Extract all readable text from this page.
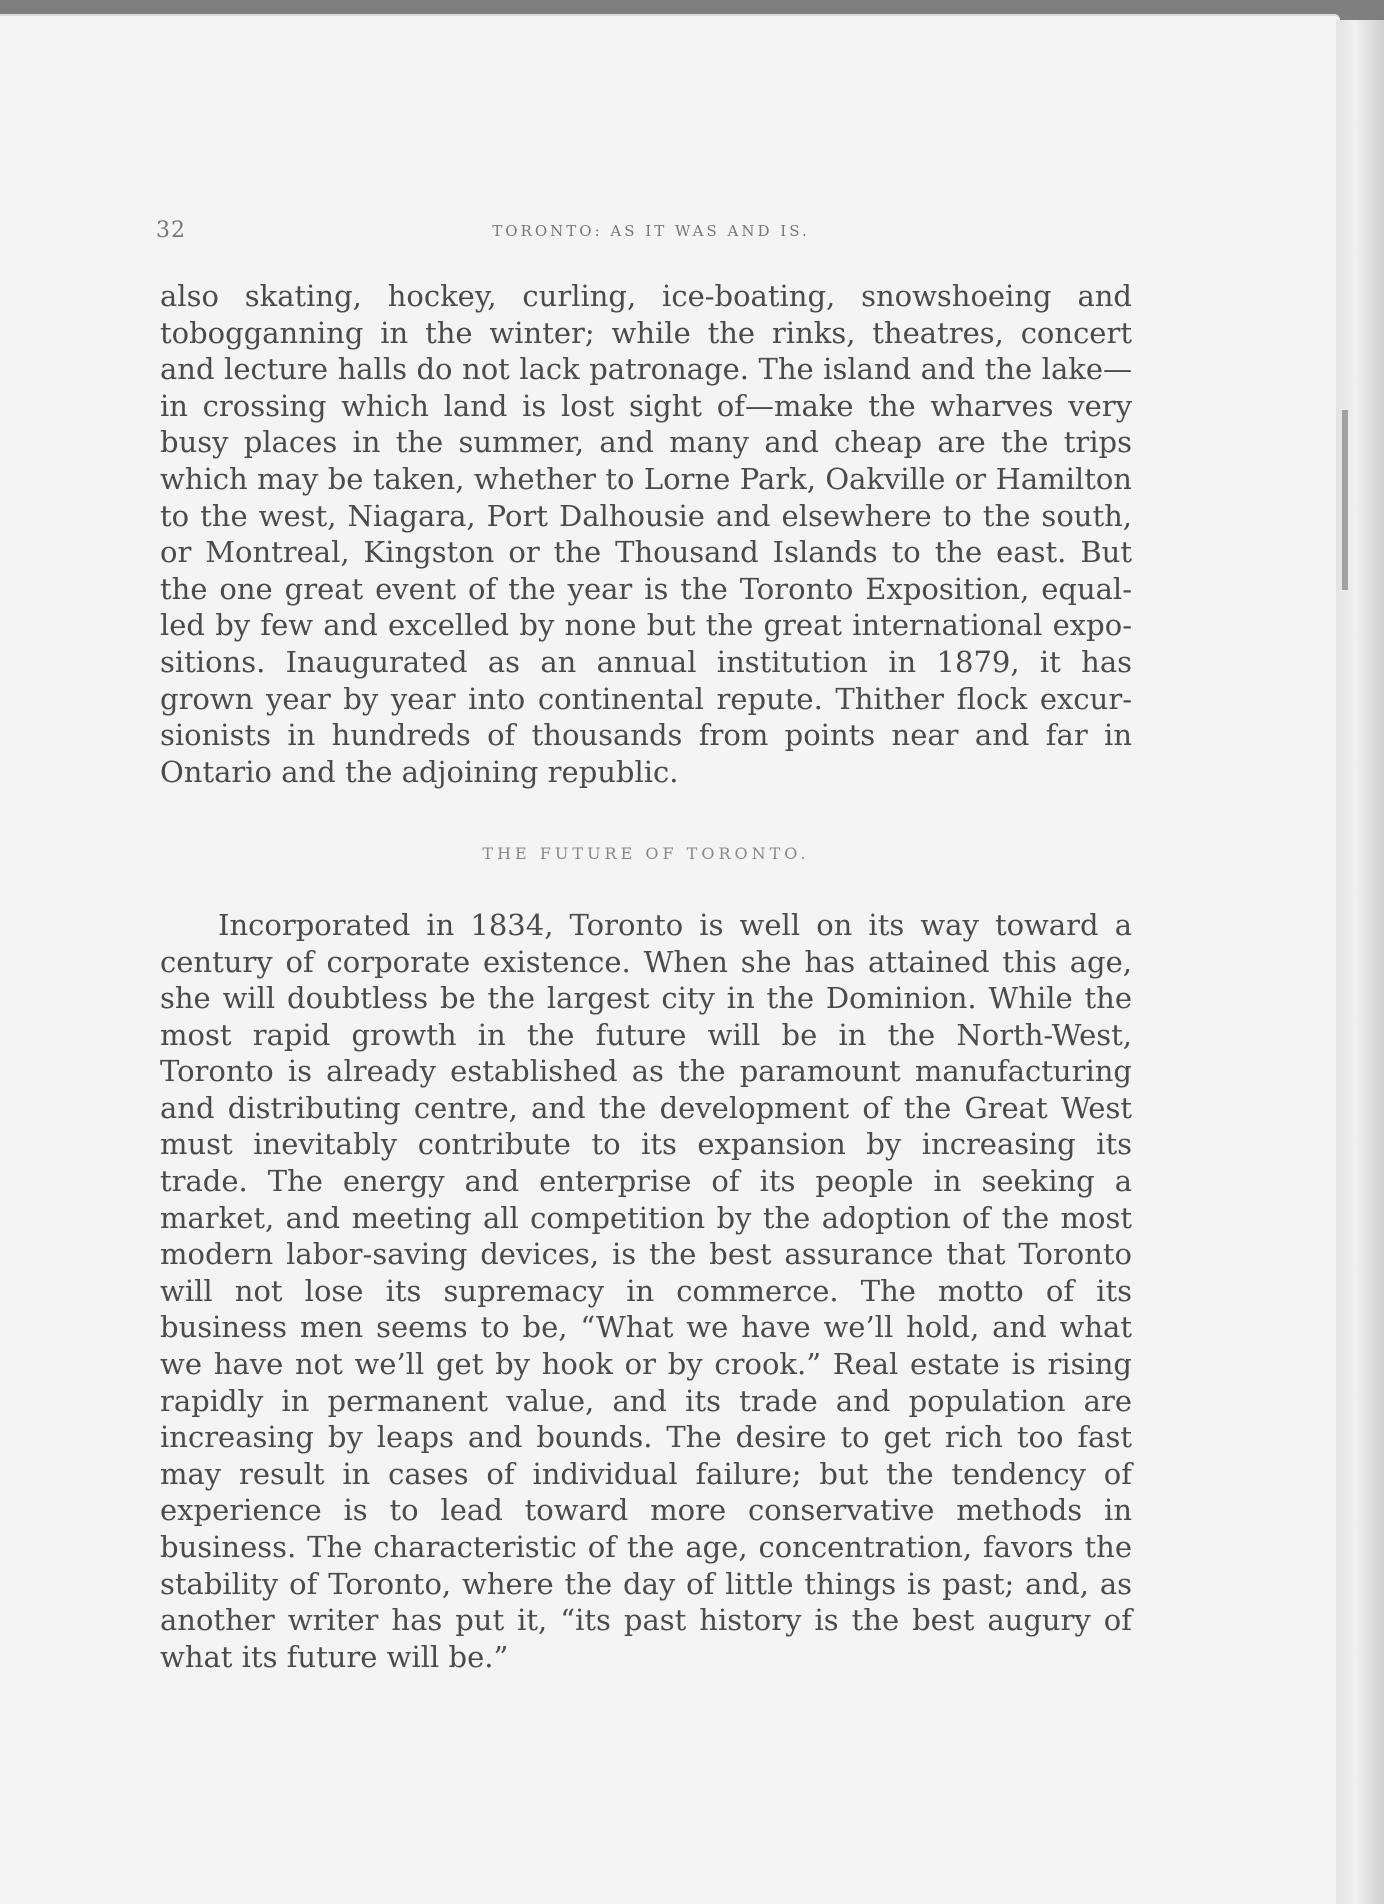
32	TORONTO: AS IT WAS AND IS.

also skating, hockey, curling, ice-boating, snowshoeing and tobogganning in the winter; while the rinks, theatres, concert and lecture halls do not lack patronage. The island and the lake—in crossing which land is lost sight of—make the wharves very busy places in the summer, and many and cheap are the trips which may be taken, whether to Lorne Park, Oakville or Hamilton to the west, Niagara, Port Dalhousie and elsewhere to the south, or Montreal, Kingston or the Thousand Islands to the east. But the one great event of the year is the Toronto Exposition, equalled by few and excelled by none but the great international expositions. Inaugurated as an annual institution in 1879, it has grown year by year into continental repute. Thither flock excursionists in hundreds of thousands from points near and far in Ontario and the adjoining republic.

THE FUTURE OF TORONTO.

Incorporated in 1834, Toronto is well on its way toward a century of corporate existence. When she has attained this age, she will doubtless be the largest city in the Dominion. While the most rapid growth in the future will be in the North-West, Toronto is already established as the paramount manufacturing and distributing centre, and the development of the Great West must inevitably contribute to its expansion by increasing its trade. The energy and enterprise of its people in seeking a market, and meeting all competition by the adoption of the most modern labor-saving devices, is the best assurance that Toronto will not lose its supremacy in commerce. The motto of its business men seems to be, “What we have we’ll hold, and what we have not we’ll get by hook or by crook.” Real estate is rising rapidly in permanent value, and its trade and population are increasing by leaps and bounds. The desire to get rich too fast may result in cases of individual failure; but the tendency of experience is to lead toward more conservative methods in business. The characteristic of the age, concentration, favors the stability of Toronto, where the day of little things is past; and, as another writer has put it, “its past history is the best augury of what its future will be.”
